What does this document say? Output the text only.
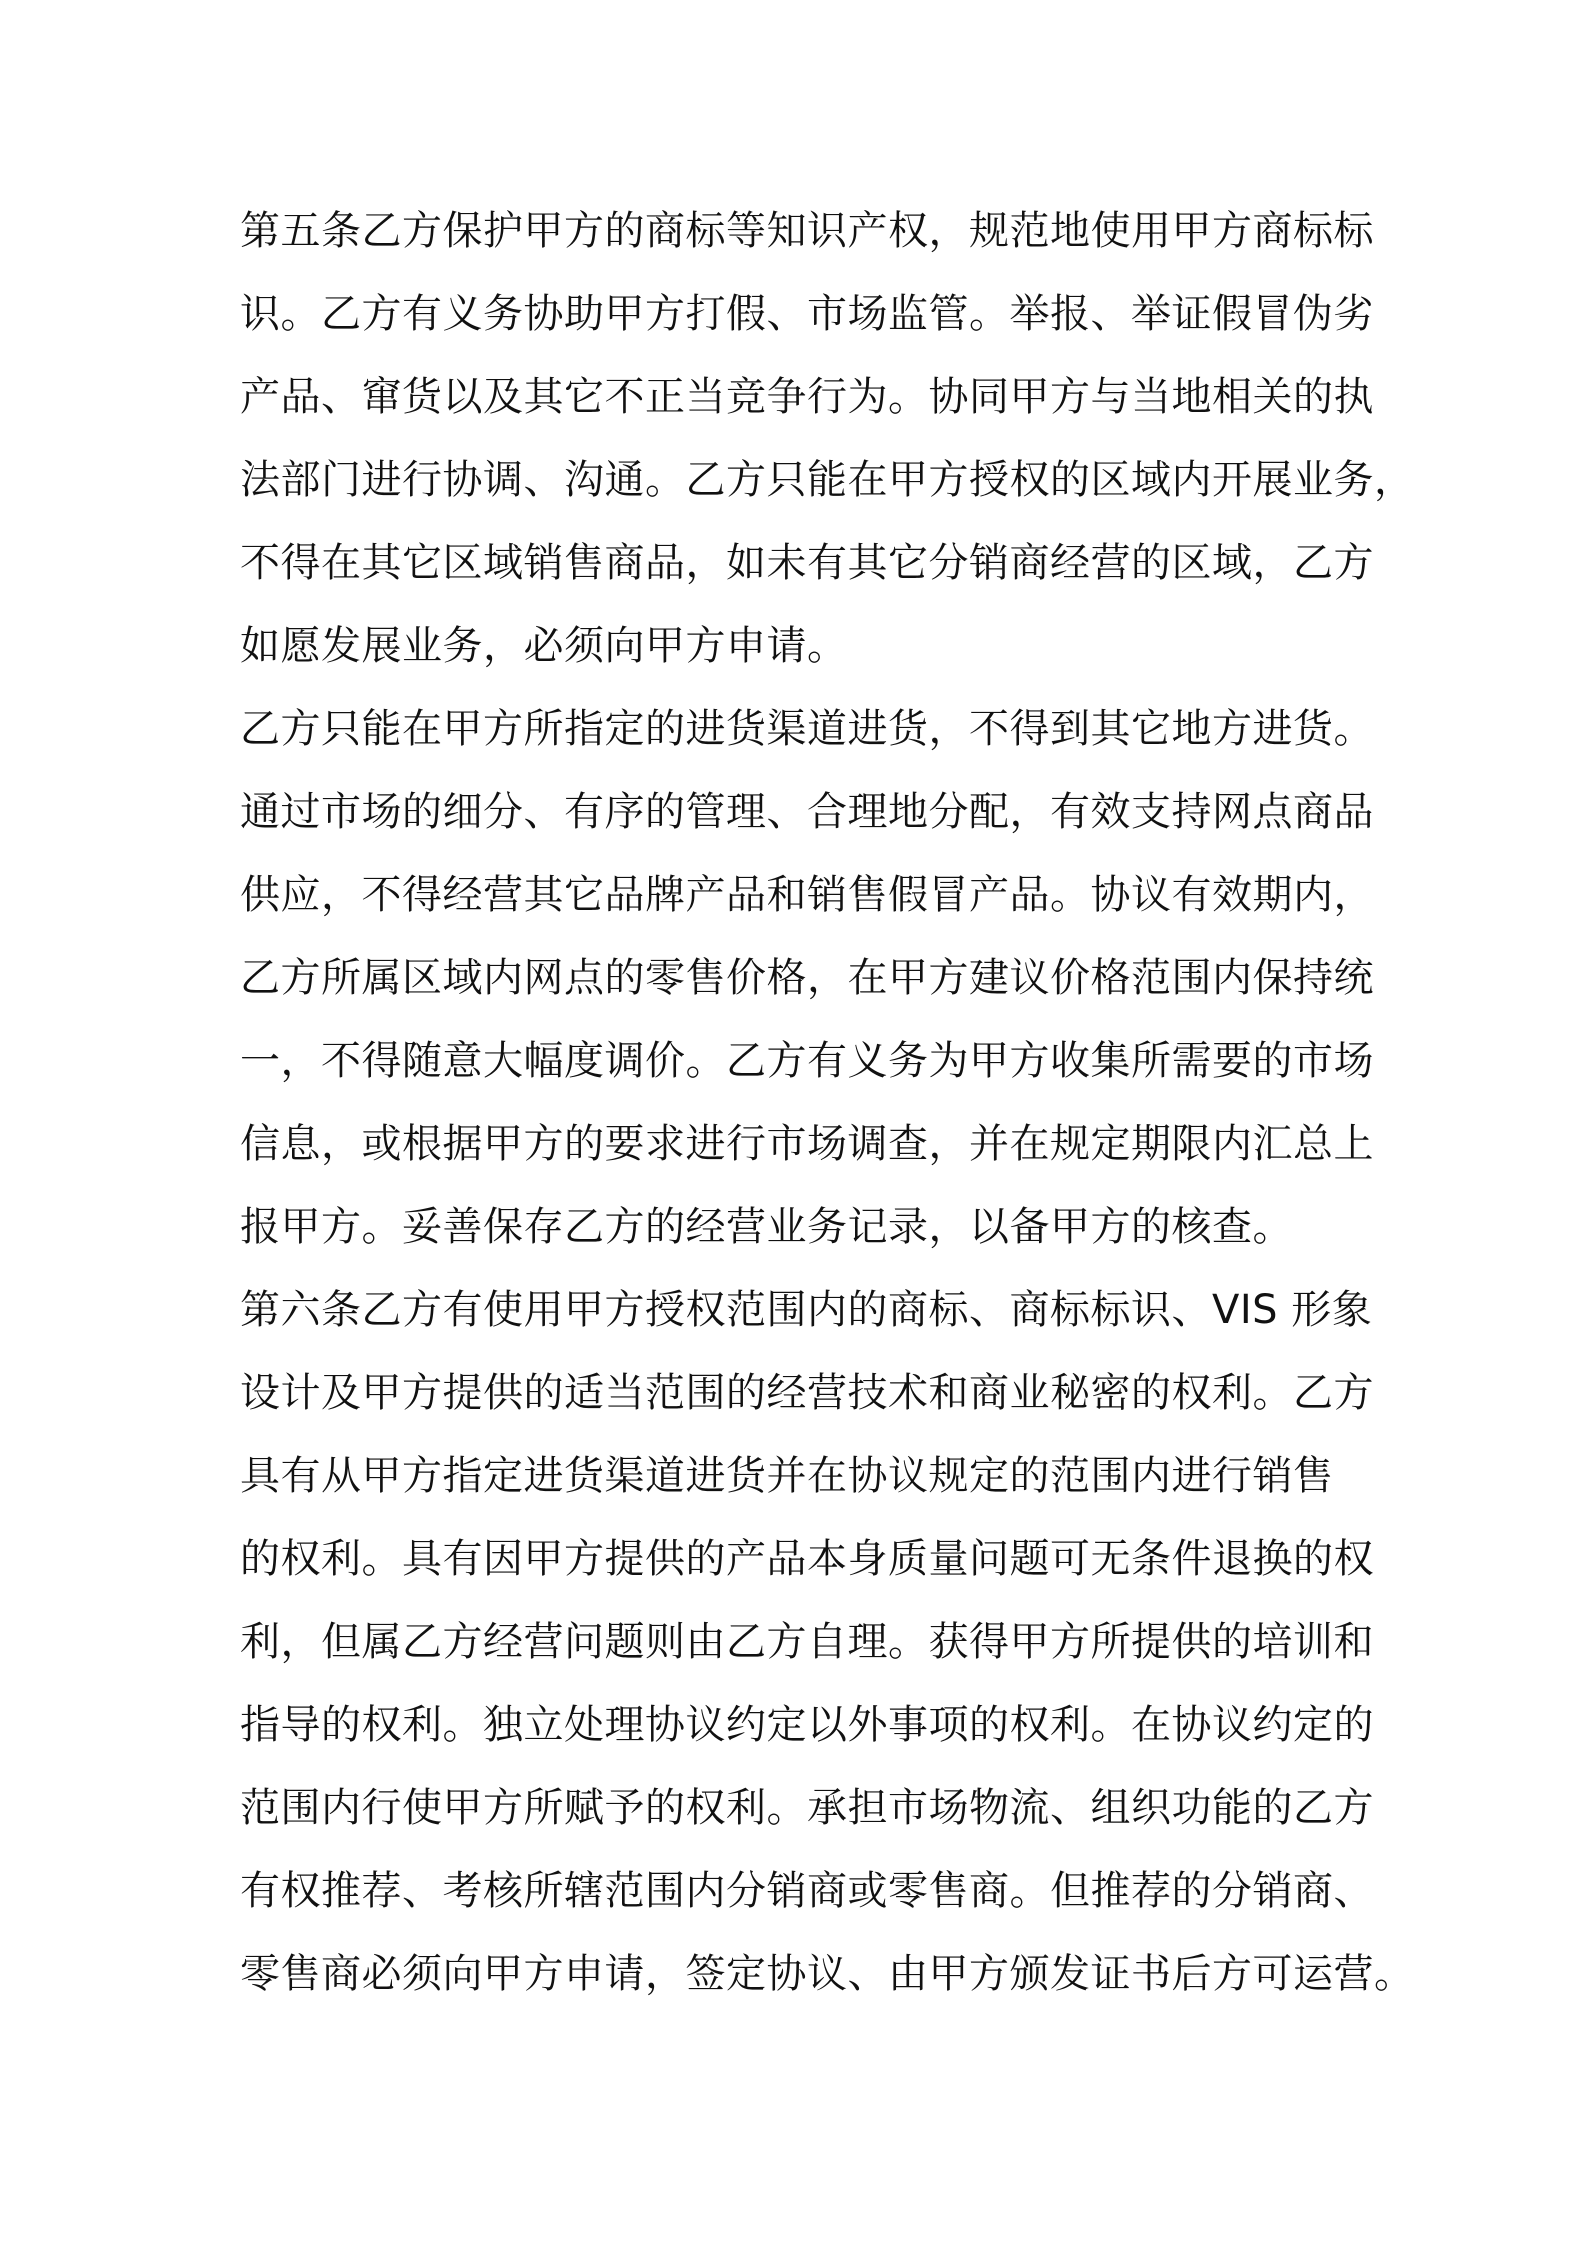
第五条乙方保护甲方的商标等知识产权，规范地使用甲方商标标
识。乙方有义务协助甲方打假、市场监管。举报、举证假冒伪劣
产品、窜货以及其它不正当竞争行为。协同甲方与当地相关的执
法部门进行协调、沟通。乙方只能在甲方授权的区域内开展业务，
不得在其它区域销售商品，如未有其它分销商经营的区域，乙方
如愿发展业务，必须向甲方申请。
乙方只能在甲方所指定的进货渠道进货，不得到其它地方进货。
通过市场的细分、有序的管理、合理地分配，有效支持网点商品
供应，不得经营其它品牌产品和销售假冒产品。协议有效期内，
乙方所属区域内网点的零售价格，在甲方建议价格范围内保持统
一，不得随意大幅度调价。乙方有义务为甲方收集所需要的市场
信息，或根据甲方的要求进行市场调查，并在规定期限内汇总上
报甲方。妥善保存乙方的经营业务记录，以备甲方的核查。
第六条乙方有使用甲方授权范围内的商标、商标标识、VIS 形象
设计及甲方提供的适当范围的经营技术和商业秘密的权利。乙方
具有从甲方指定进货渠道进货并在协议规定的范围内进行销售
的权利。具有因甲方提供的产品本身质量问题可无条件退换的权
利，但属乙方经营问题则由乙方自理。获得甲方所提供的培训和
指导的权利。独立处理协议约定以外事项的权利。在协议约定的
范围内行使甲方所赋予的权利。承担市场物流、组织功能的乙方
有权推荐、考核所辖范围内分销商或零售商。但推荐的分销商、
零售商必须向甲方申请，签定协议、由甲方颁发证书后方可运营。
